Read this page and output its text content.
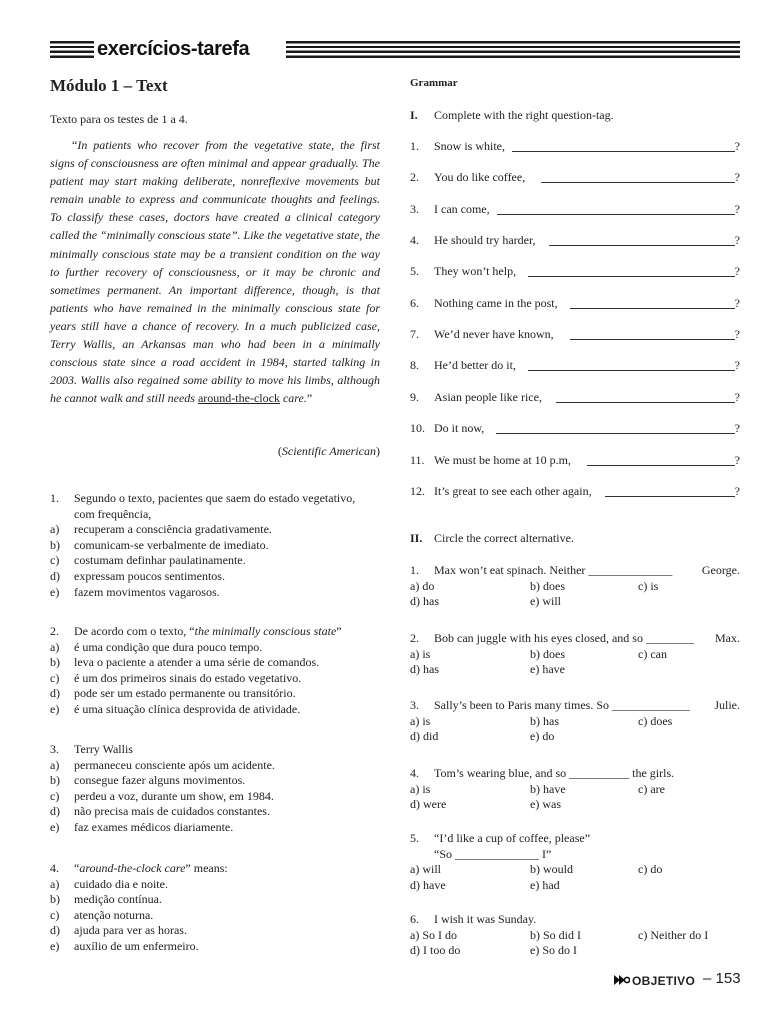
exercícios-tarefa
Módulo 1 – Text
Texto para os testes de 1 a 4.
“In patients who recover from the vegetative state, the first signs of consciousness are often minimal and appear gradually. The patient may start making deliberate, nonreflexive movements but remain unable to express and communicate thoughts and feelings. To classify these cases, doctors have created a clinical category called the “minimally conscious state”. Like the vegetative state, the minimally conscious state may be a transient condition on the way to further recovery of consciousness, or it may be chronic and sometimes permanent. An important difference, though, is that patients who have remained in the minimally conscious state for years still have a chance of recovery. In a much publicized case, Terry Wallis, an Arkansas man who had been in a minimally conscious state since a road accident in 1984, started talking in 2003. Wallis also regained some ability to move his limbs, although he cannot walk and still needs around-the-clock care.”
(Scientific American)
1. Segundo o texto, pacientes que saem do estado vegetativo,
com frequência,
a) recuperam a consciência gradativamente.
b) comunicam-se verbalmente de imediato.
c) costumam definhar paulatinamente.
d) expressam poucos sentimentos.
e) fazem movimentos vagarosos.
2. De acordo com o texto, “the minimally conscious state”
a) é uma condição que dura pouco tempo.
b) leva o paciente a atender a uma série de comandos.
c) é um dos primeiros sinais do estado vegetativo.
d) pode ser um estado permanente ou transitório.
e) é uma situação clínica desprovida de atividade.
3. Terry Wallis
a) permaneceu consciente após um acidente.
b) consegue fazer alguns movimentos.
c) perdeu a voz, durante um show, em 1984.
d) não precisa mais de cuidados constantes.
e) faz exames médicos diariamente.
4. “around-the-clock care” means:
a) cuidado dia e noite.
b) medição contínua.
c) atenção noturna.
d) ajuda para ver as horas.
e) auxílio de um enfermeiro.
Grammar
I. Complete with the right question-tag.
1. Snow is white,	?
2. You do like coffee,	?
3. I can come,	?
4. He should try harder,	?
5. They won’t help,	?
6. Nothing came in the post,	?
7. We’d never have known,	?
8. He’d better do it,	?
9. Asian people like rice,	?
10. Do it now,	?
11. We must be home at 10 p.m,	?
12. It’s great to see each other again,	?
II. Circle the correct alternative.
1. Max won’t eat spinach. Neither ______________ George.
a) do	b) does	c) is
d) has	e) will
2. Bob can juggle with his eyes closed, and so ________ Max.
a) is	b) does	c) can
d) has	e) have
3. Sally’s been to Paris many times. So _____________ Julie.
a) is	b) has	c) does
d) did	e) do
4. Tom’s wearing blue, and so __________ the girls.
a) is	b) have	c) are
d) were	e) was
5. “I’d like a cup of coffee, please”
“So ______________ I”
a) will	b) would	c) do
d) have	e) had
6. I wish it was Sunday.
a) So I do	b) So did I	c) Neither do I
d) I too do	e) So do I
OBJETIVO – 153
